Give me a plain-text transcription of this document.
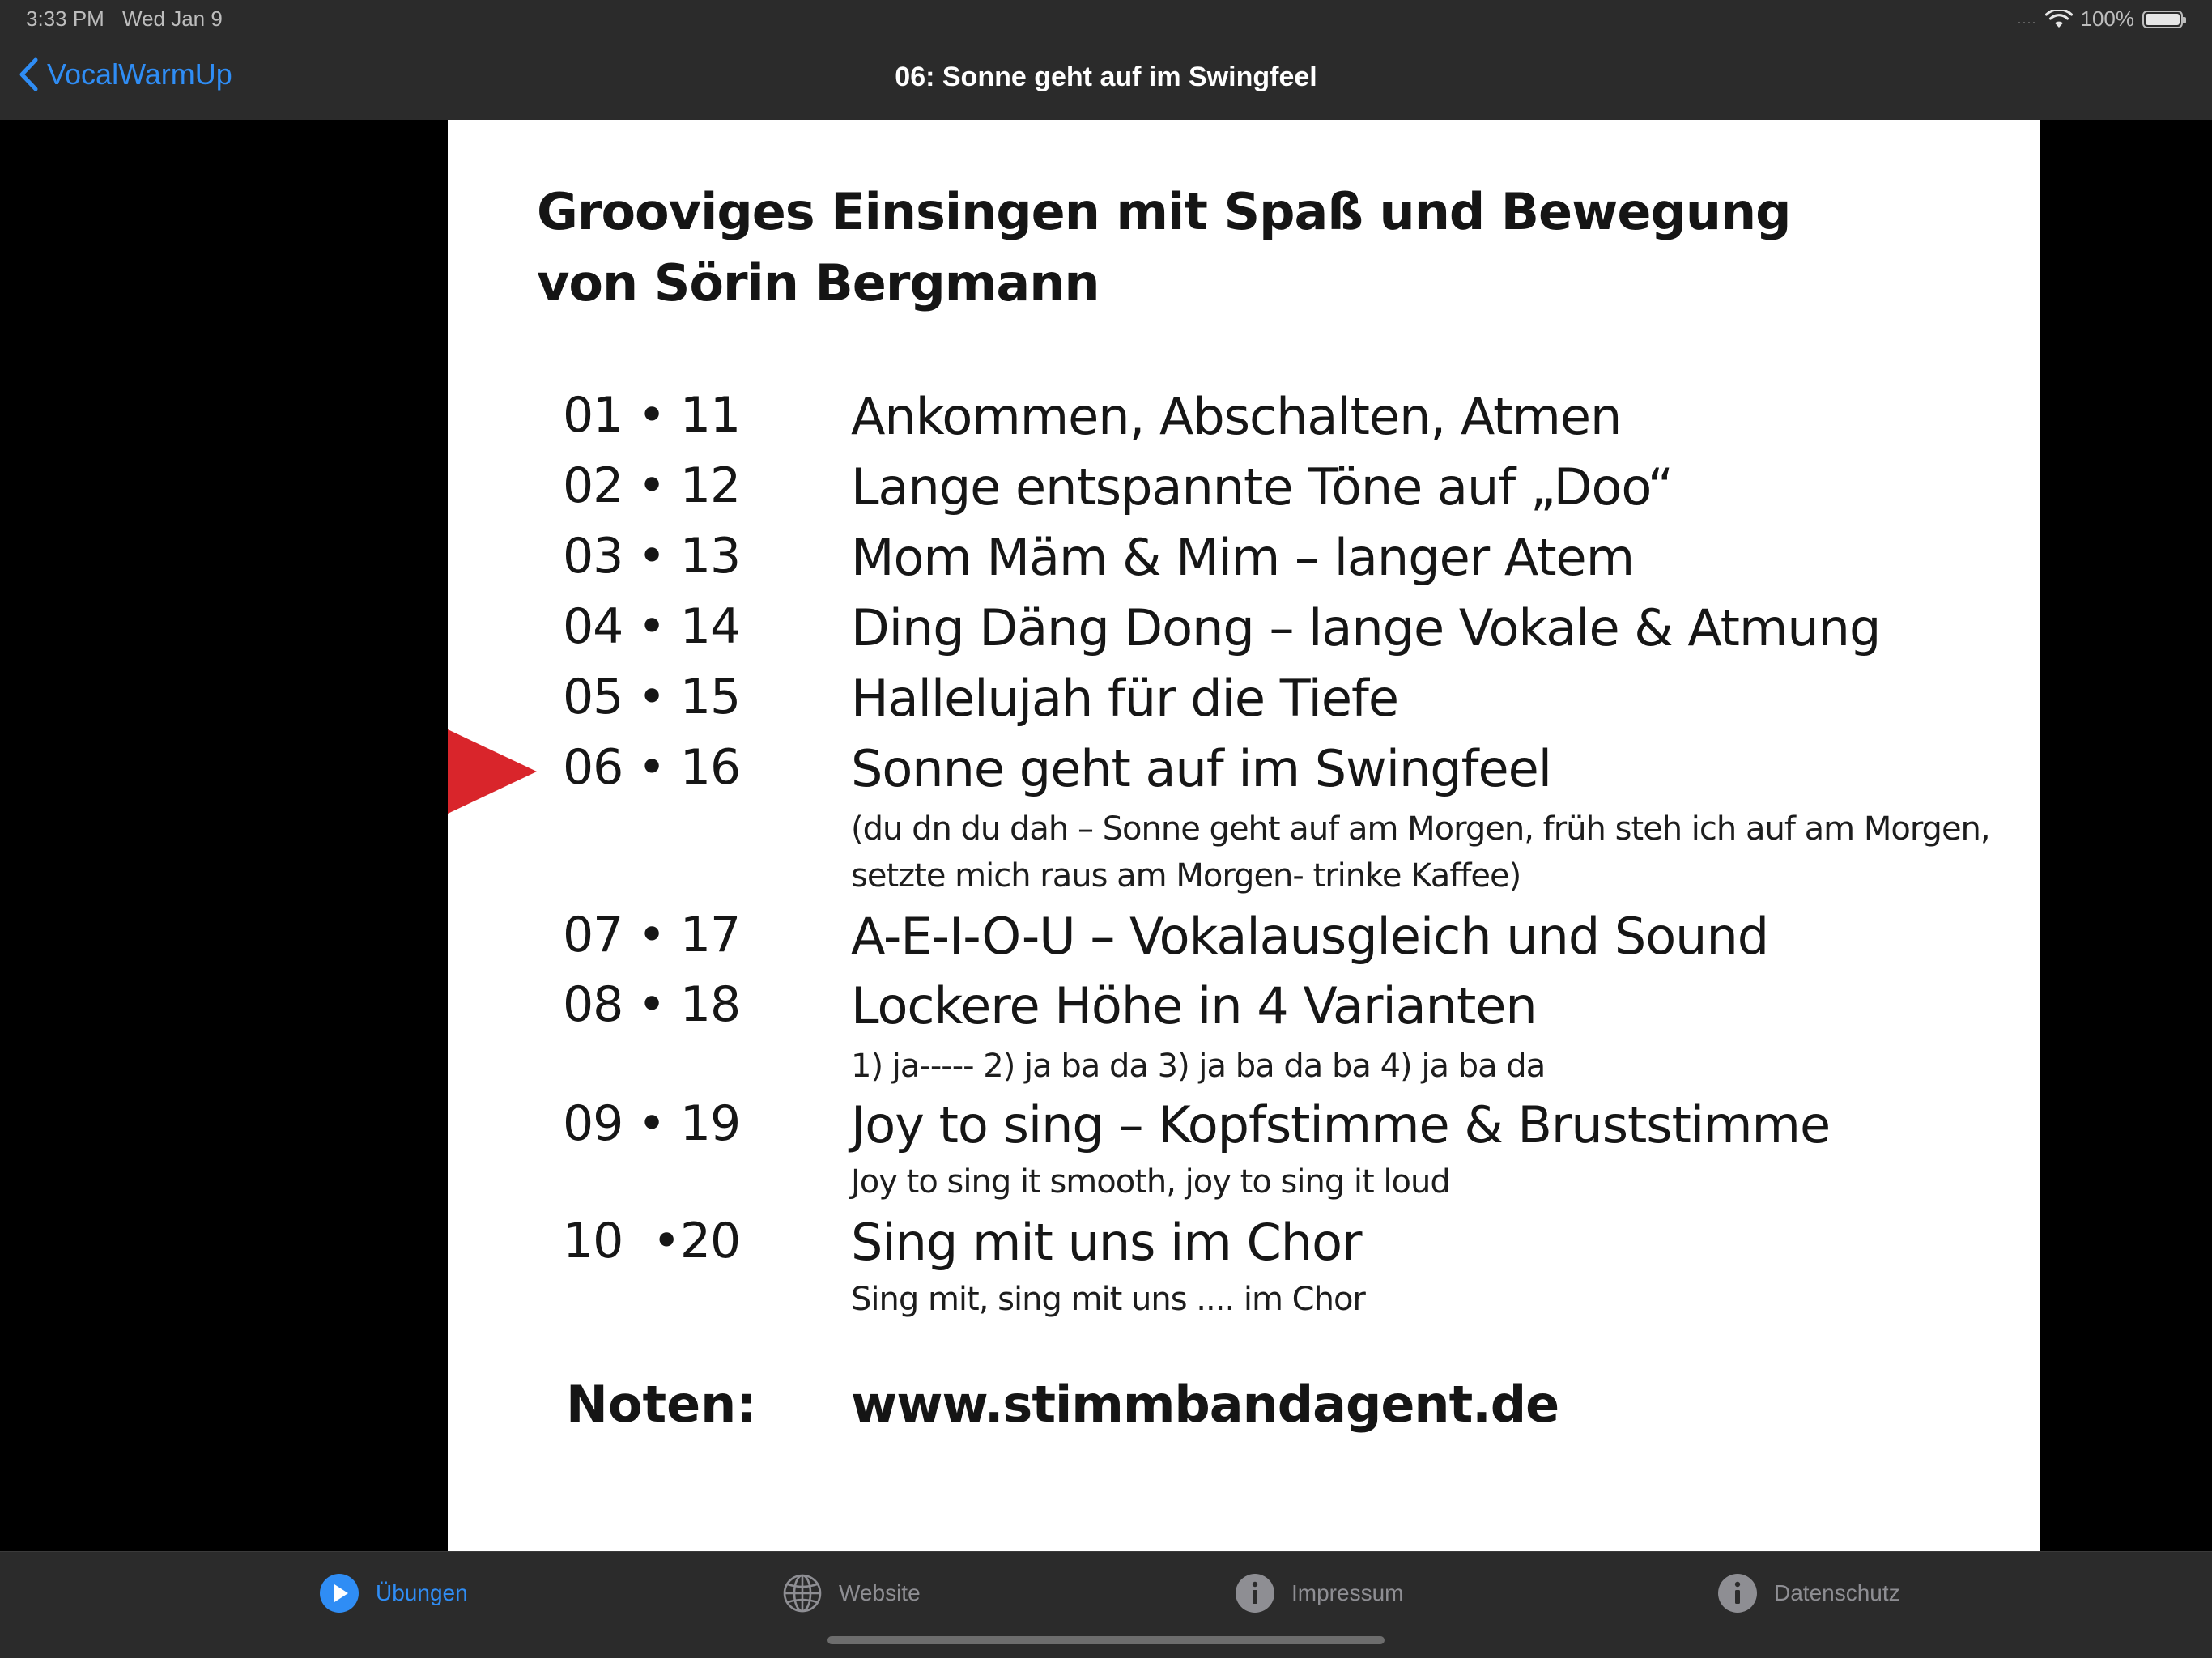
3:33 PM Wed Jan 9	.... 100%
VocalWarmUp	06: Sonne geht auf im Swingfeel
Grooviges Einsingen mit Spaß und Bewegung
von Sörin Bergmann
01 • 11 Ankommen, Abschalten, Atmen
02 • 12 Lange entspannte Töne auf „Doo“
03 • 13 Mom Mäm & Mim – langer Atem
04 • 14 Ding Däng Dong – lange Vokale & Atmung
05 • 15 Hallelujah für die Tiefe
06 • 16 Sonne geht auf im Swingfeel
(du dn du dah – Sonne geht auf am Morgen, früh steh ich auf am Morgen,
setzte mich raus am Morgen- trinke Kaffee)
07 • 17 A-E-I-O-U – Vokalausgleich und Sound
08 • 18 Lockere Höhe in 4 Varianten
1) ja----- 2) ja ba da 3) ja ba da ba 4) ja ba da
09 • 19 Joy to sing – Kopfstimme & Bruststimme
Joy to sing it smooth, joy to sing it loud
10  •20 Sing mit uns im Chor
Sing mit, sing mit uns .... im Chor
Noten: www.stimmbandagent.de
Übungen	Website	Impressum	Datenschutz
